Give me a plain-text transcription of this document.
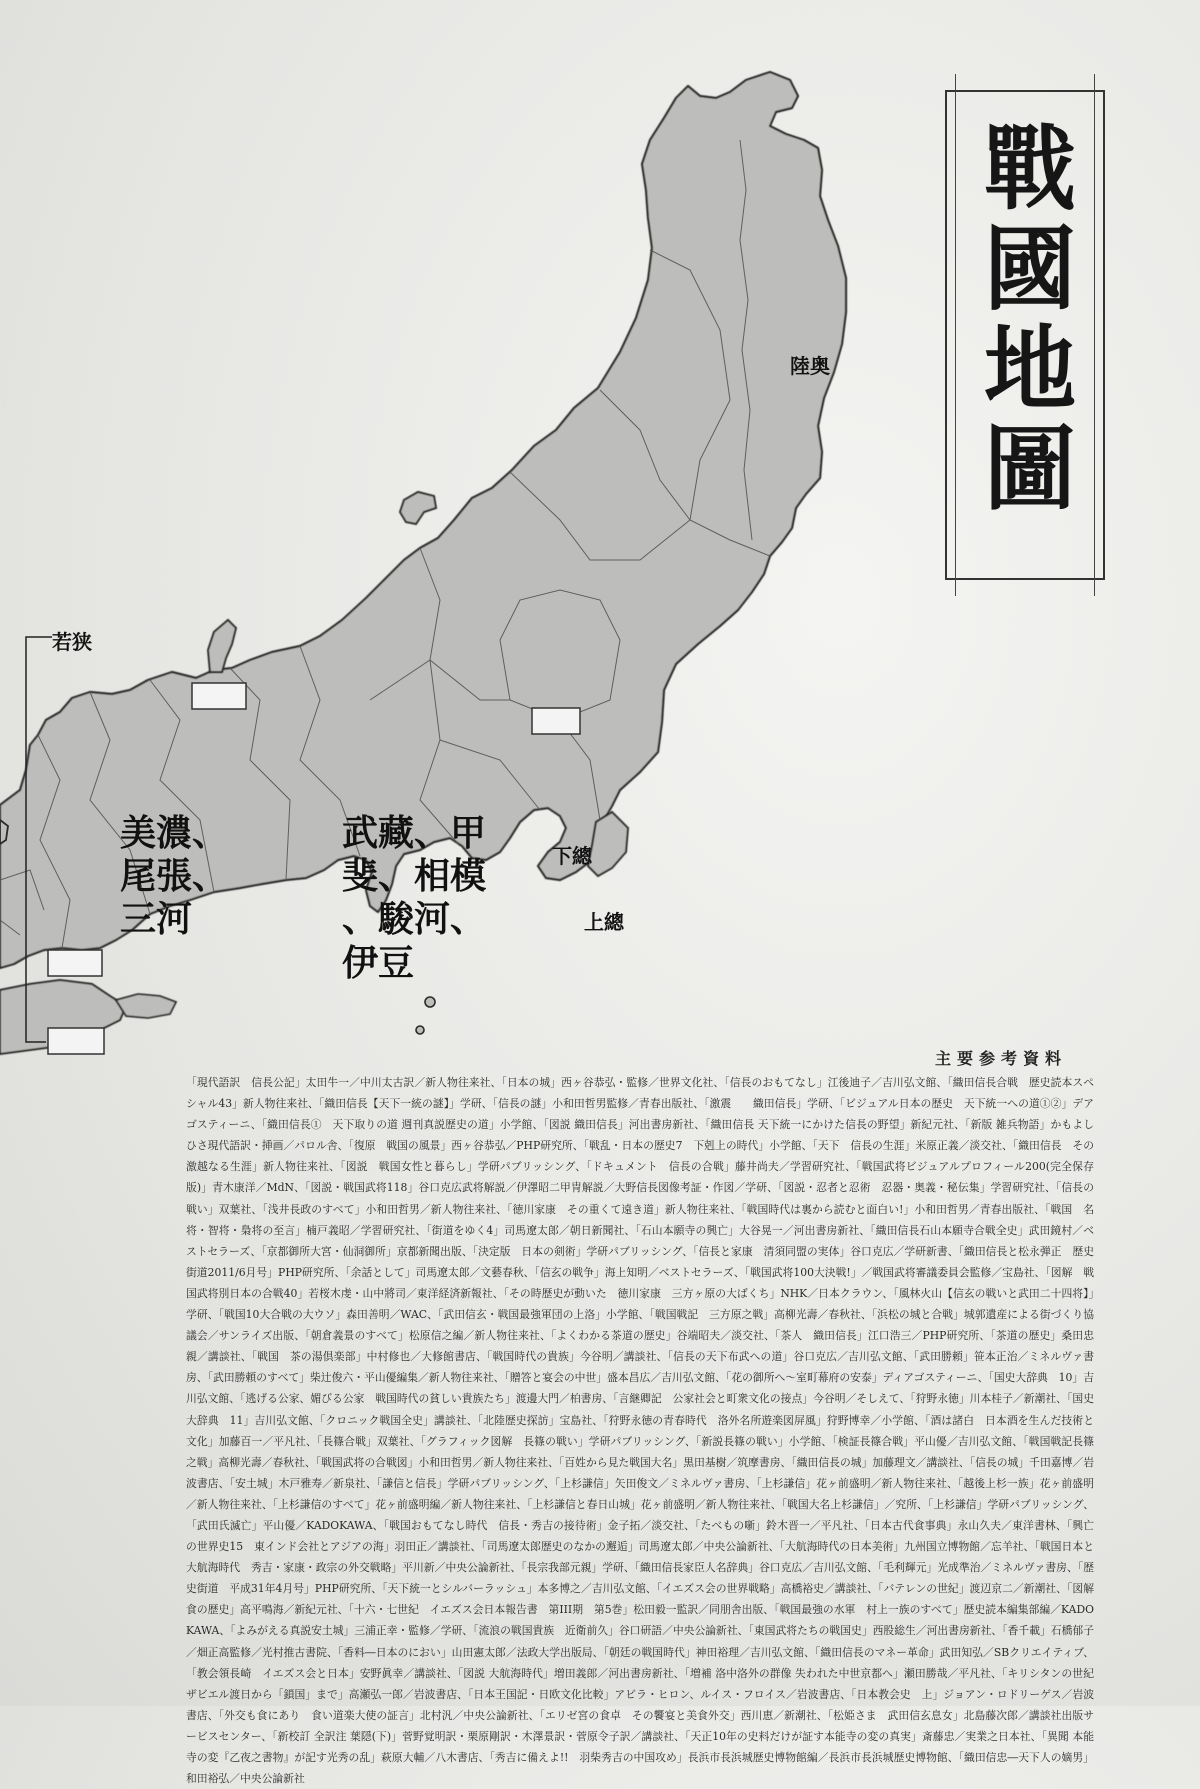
戰國地圖
陸奥
若狭
美濃、
尾張、
三河
武藏、甲
斐、相模
、駿河、
伊豆
下總
上總
主要参考資料
「現代語訳　信長公記」太田牛一／中川太古訳／新人物往来社、「日本の城」西ヶ谷恭弘・監修／世界文化社、「信長のおもてなし」江後迪子／吉川弘文館、「織田信長合戦　歴史読本スペシャル43」新人物往来社、「織田信長【天下一統の謎】」学研、「信長の謎」小和田哲男監修／青春出版社、「激震　　織田信長」学研、「ビジュアル日本の歴史　天下統一への道①②」デアゴスティーニ、「織田信長①　天下取りの道 週刊真説歴史の道」小学館、「図説 織田信長」河出書房新社、「織田信長 天下統一にかけた信長の野望」新紀元社、「新版 雑兵物語」かもよしひさ現代語訳・挿画／パロル舎、「復原　戦国の風景」西ヶ谷恭弘／PHP研究所、「戦乱・日本の歴史7　下剋上の時代」小学館、「天下　信長の生涯」米原正義／淡交社、「織田信長　その激越なる生涯」新人物往来社、「図説　戦国女性と暮らし」学研パブリッシング、「ドキュメント　信長の合戦」藤井尚夫／学習研究社、「戦国武将ビジュアルプロフィール200(完全保存版)」青木康洋／MdN、「図説・戦国武将118」谷口克広武将解説／伊澤昭二甲冑解説／大野信長図像考証・作図／学研、「図説・忍者と忍術　忍器・奥義・秘伝集」学習研究社、「信長の戦い」双葉社、「浅井長政のすべて」小和田哲男／新人物往来社、「徳川家康　その重くて遠き道」新人物往来社、「戦国時代は裏から読むと面白い!」小和田哲男／青春出版社、「戦国　名将・智将・梟将の至言」楠戸義昭／学習研究社、「街道をゆく4」司馬遼太郎／朝日新聞社、「石山本願寺の興亡」大谷晃一／河出書房新社、「織田信長石山本願寺合戦全史」武田鏡村／ベストセラーズ、「京都御所大宮・仙洞御所」京都新聞出版、「決定版　日本の剣術」学研パブリッシング、「信長と家康　清須同盟の実体」谷口克広／学研新書、「織田信長と松永弾正　歴史街道2011/6月号」PHP研究所、「余話として」司馬遼太郎／文藝春秋、「信玄の戦争」海上知明／ベストセラーズ、「戦国武将100大決戦!」／戦国武将審議委員会監修／宝島社、「図解　戦国武将別日本の合戦40」若桜木虔・山中將司／東洋経済新報社、「その時歴史が動いた　徳川家康　三方ヶ原の大ばくち」NHK／日本クラウン、「風林火山【信玄の戦いと武田二十四将】」学研、「戦国10大合戦の大ウソ」森田善明／WAC、「武田信玄・戦国最強軍団の上洛」小学館、「戦国戦記　三方原之戦」高柳光壽／春秋社、「浜松の城と合戦」城郭遺産による街づくり協議会／サンライズ出版、「朝倉義景のすべて」松原信之編／新人物往来社、「よくわかる茶道の歴史」谷端昭夫／淡交社、「茶人　織田信長」江口浩三／PHP研究所、「茶道の歴史」桑田忠親／講談社、「戦国　茶の湯倶楽部」中村修也／大修館書店、「戦国時代の貴族」今谷明／講談社、「信長の天下布武への道」谷口克広／吉川弘文館、「武田勝頼」笹本正治／ミネルヴァ書房、「武田勝頼のすべて」柴辻俊六・平山優編集／新人物往来社、「贈答と宴会の中世」盛本昌広／吉川弘文館、「花の御所へ～室町幕府の安泰」ディアゴスティーニ、「国史大辞典　10」吉川弘文館、「逃げる公家、媚びる公家　戦国時代の貧しい貴族たち」渡邊大門／柏書房、「言継卿記　公家社会と町衆文化の接点」今谷明／そしえて、「狩野永徳」川本桂子／新潮社、「国史大辞典　11」吉川弘文館、「クロニック戦国全史」講談社、「北陸歴史探訪」宝島社、「狩野永徳の青春時代　洛外名所遊楽図屏風」狩野博幸／小学館、「酒は諸白　日本酒を生んだ技術と文化」加藤百一／平凡社、「長篠合戦」双葉社、「グラフィック図解　長篠の戦い」学研パブリッシング、「新説長篠の戦い」小学館、「検証長篠合戦」平山優／吉川弘文館、「戦国戦記長篠之戦」高柳光壽／春秋社、「戦国武将の合戦図」小和田哲男／新人物往来社、「百姓から見た戦国大名」黒田基樹／筑摩書房、「織田信長の城」加藤理文／講談社、「信長の城」千田嘉博／岩波書店、「安土城」木戸雅寿／新泉社、「謙信と信長」学研パブリッシング、「上杉謙信」矢田俊文／ミネルヴァ書房、「上杉謙信」花ヶ前盛明／新人物往来社、「越後上杉一族」花ヶ前盛明／新人物往来社、「上杉謙信のすべて」花ヶ前盛明編／新人物往来社、「上杉謙信と春日山城」花ヶ前盛明／新人物往来社、「戦国大名上杉謙信」／究所、「上杉謙信」学研パブリッシング、「武田氏滅亡」平山優／KADOKAWA、「戦国おもてなし時代　信長・秀吉の接待術」金子拓／淡交社、「たべもの噺」鈴木晋一／平凡社、「日本古代食事典」永山久夫／東洋書林、「興亡の世界史15　東インド会社とアジアの海」羽田正／講談社、「司馬遼太郎歴史のなかの邂逅」司馬遼太郎／中央公論新社、「大航海時代の日本美術」九州国立博物館／忘羊社、「戦国日本と大航海時代　秀吉・家康・政宗の外交戦略」平川新／中央公論新社、「長宗我部元親」学研、「織田信長家臣人名辞典」谷口克広／吉川弘文館、「毛利輝元」光成準治／ミネルヴァ書房、「歴史街道　平成31年4月号」PHP研究所、「天下統一とシルバーラッシュ」本多博之／吉川弘文館、「イエズス会の世界戦略」高橋裕史／講談社、「バテレンの世紀」渡辺京二／新潮社、「図解　食の歴史」高平鳴海／新紀元社、「十六・七世紀　イエズス会日本報告書　第III期　第5巻」松田毅一監訳／同朋舎出版、「戦国最強の水軍　村上一族のすべて」歴史読本編集部編／KADOKAWA、「よみがえる真説安土城」三浦正幸・監修／学研、「流浪の戦国貴族　近衛前久」谷口研語／中央公論新社、「東国武将たちの戦国史」西股総生／河出書房新社、「香千載」石橋郁子／畑正高監修／光村推古書院、「香料―日本のにおい」山田憲太郎／法政大学出版局、「朝廷の戦国時代」神田裕理／吉川弘文館、「織田信長のマネー革命」武田知弘／SBクリエイティブ、「教会領長崎　イエズス会と日本」安野眞幸／講談社、「図説 大航海時代」増田義郎／河出書房新社、「増補 洛中洛外の群像 失われた中世京都へ」瀬田勝哉／平凡社、「キリシタンの世紀 ザビエル渡日から「鎖国」まで」高瀬弘一郎／岩波書店、「日本王国記・日欧文化比較」アビラ・ヒロン、ルイス・フロイス／岩波書店、「日本教会史　上」ジョアン・ロドリーゲス／岩波書店、「外交も食にあり　食い道楽大使の証言」北村汎／中央公論新社、「エリゼ宮の食卓　その饗宴と美食外交」西川恵／新潮社、「松姫さま　武田信玄息女」北島藤次郎／講談社出版サービスセンター、「新校訂 全訳注 葉隠(下)」菅野覚明訳・栗原剛訳・木澤景訳・菅原令子訳／講談社、「天正10年の史料だけが証す本能寺の変の真実」斎藤忠／実業之日本社、「異聞 本能寺の変『乙夜之書物』が記す光秀の乱」萩原大輔／八木書店、「秀吉に備えよ!!　羽柴秀吉の中国攻め」長浜市長浜城歴史博物館編／長浜市長浜城歴史博物館、「織田信忠―天下人の嫡男」和田裕弘／中央公論新社
